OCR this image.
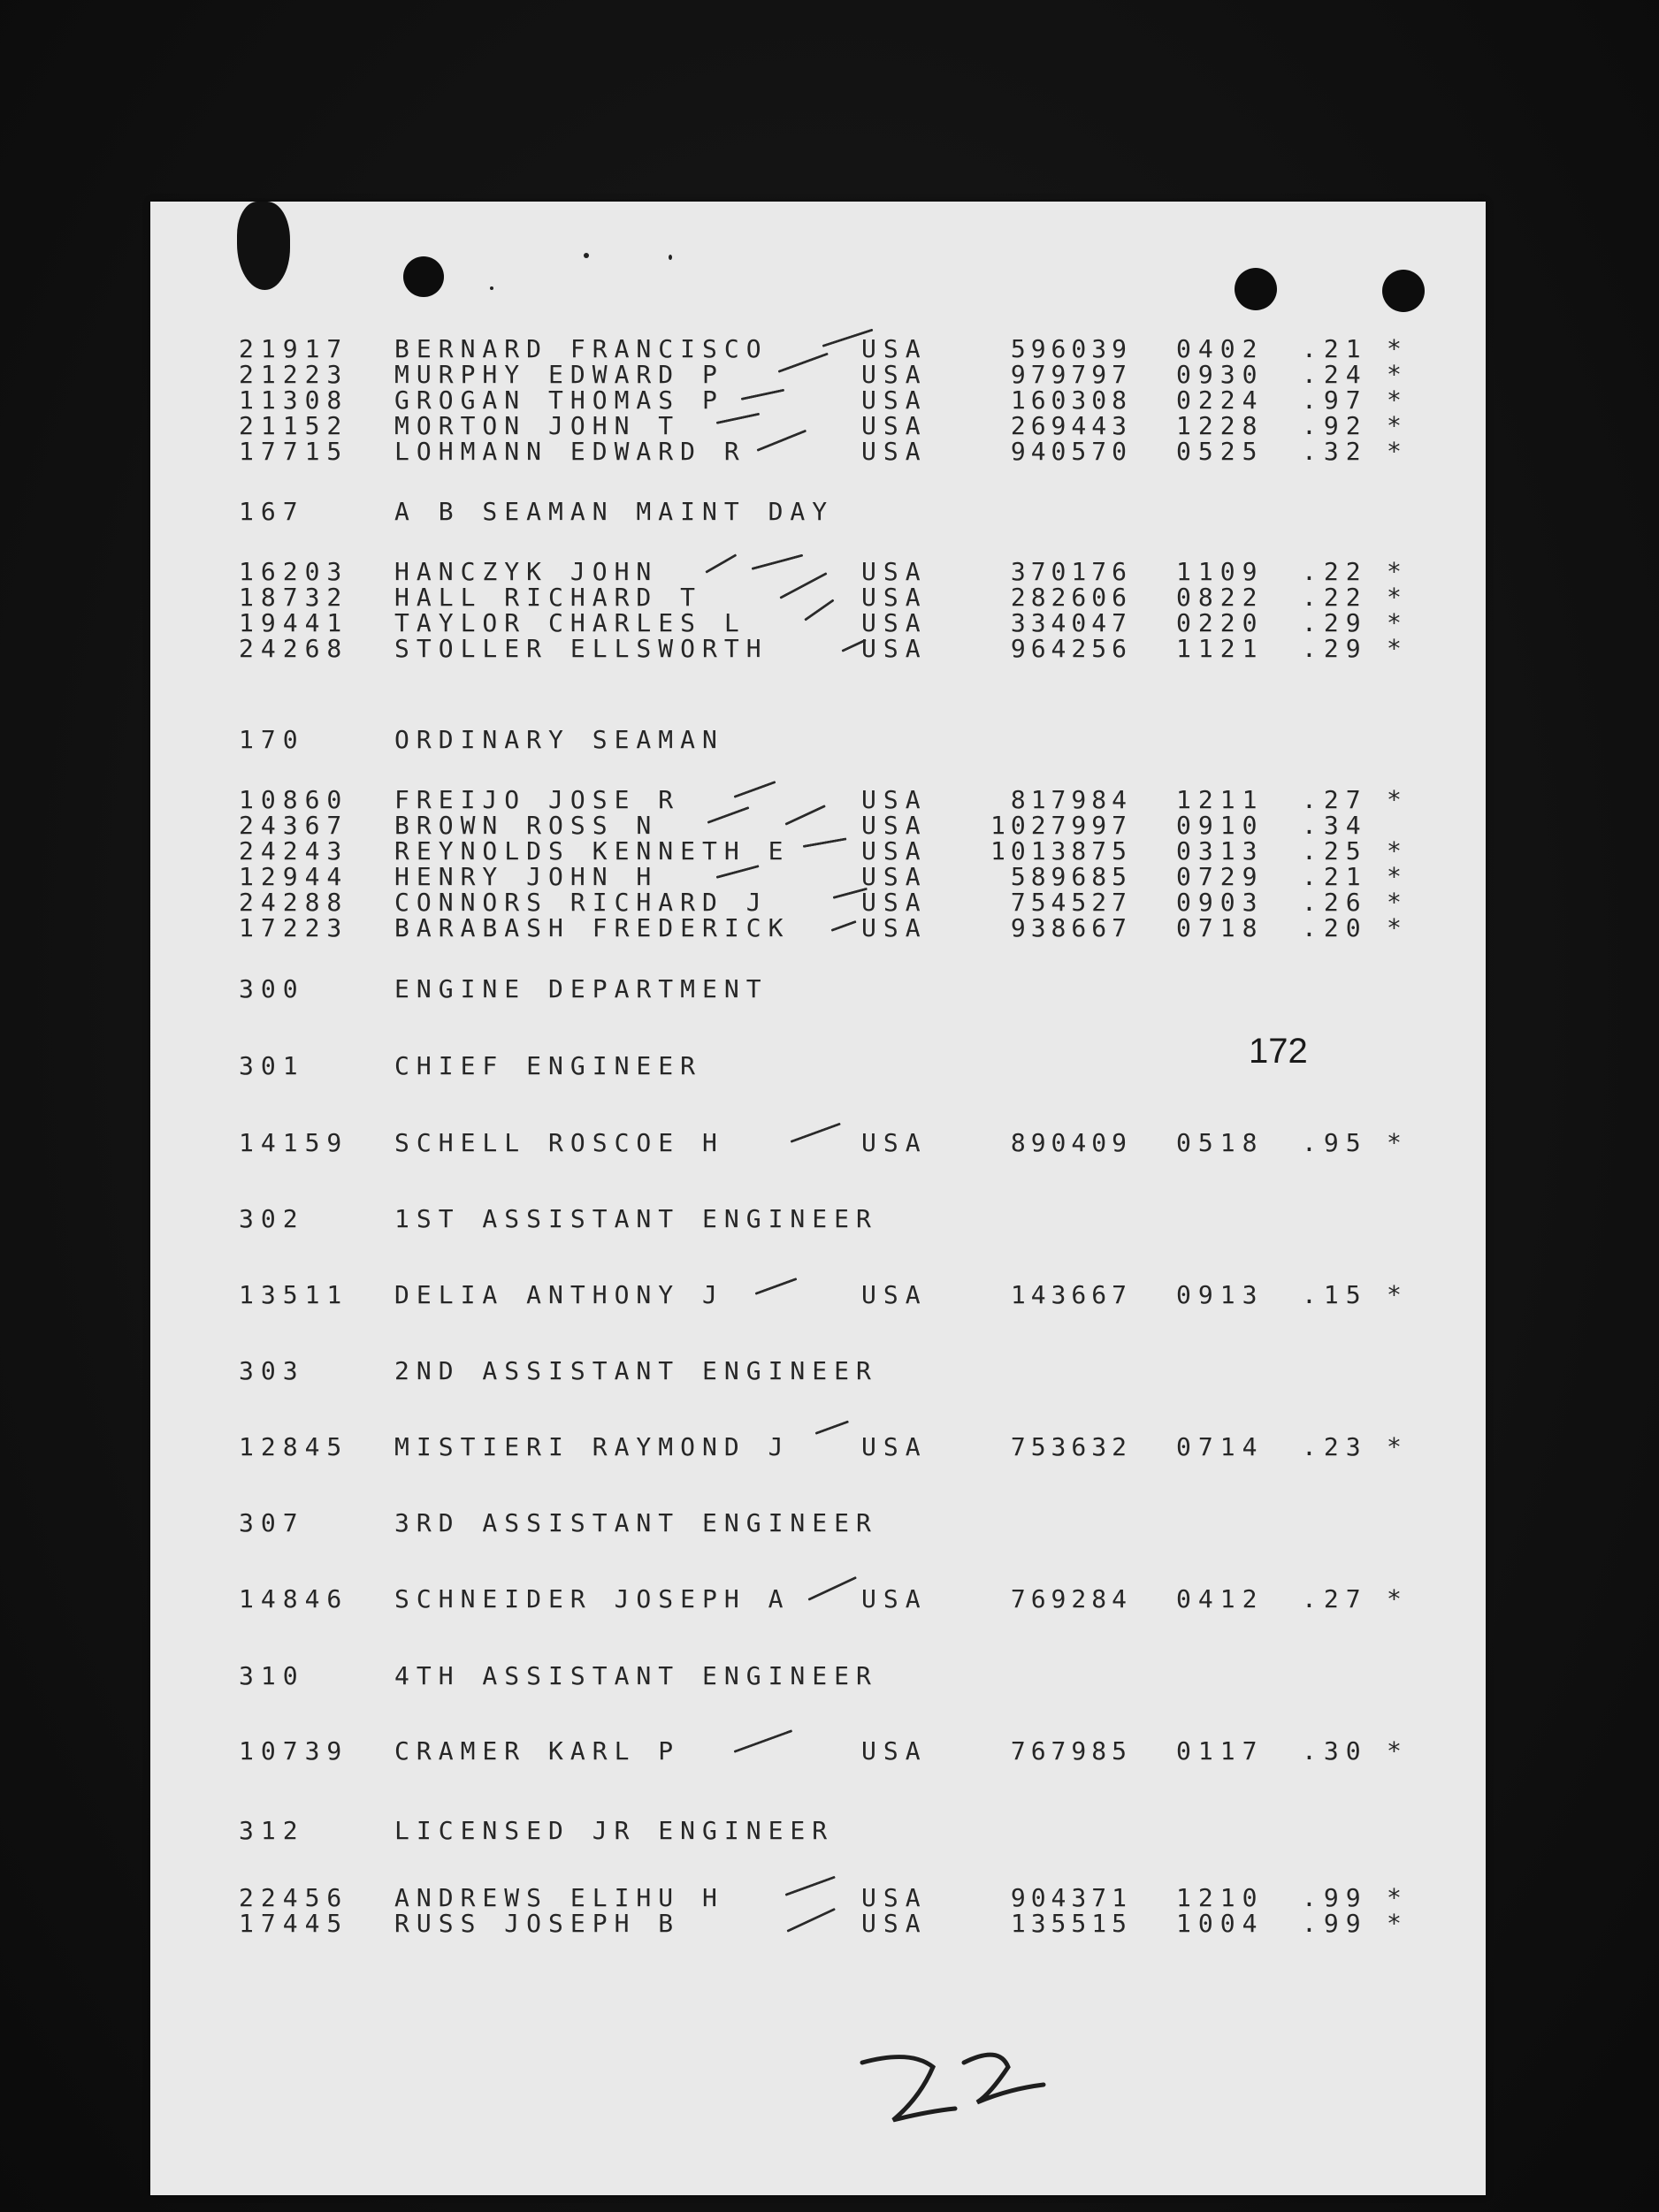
21917 BERNARD FRANCISCO	USA	596039 0402 .21 *
21223 MURPHY EDWARD P	USA	979797 0930 .24 *
11308 GROGAN THOMAS P	USA	160308 0224 .97 *
21152 MORTON JOHN T	USA	269443 1228 .92 *
17715 LOHMANN EDWARD R	USA	940570 0525 .32 *
167	A B SEAMAN MAINT DAY
16203 HANCZYK JOHN	USA	370176 1109 .22 *
18732 HALL RICHARD T	USA	282606 0822 .22 *
19441 TAYLOR CHARLES L	USA	334047 0220 .29 *
24268 STOLLER ELLSWORTH	USA	964256 1121 .29 *
170	ORDINARY SEAMAN
10860 FREIJO JOSE R	USA	817984 1211 .27 *
24367 BROWN ROSS N	USA	1027997 0910 .34
24243 REYNOLDS KENNETH E	USA	1013875 0313 .25 *
12944 HENRY JOHN H	USA	589685 0729 .21 *
24288 CONNORS RICHARD J	USA	754527 0903 .26 *
17223 BARABASH FREDERICK	USA	938667 0718 .20 *
300	ENGINE DEPARTMENT
301	CHIEF ENGINEER
14159 SCHELL ROSCOE H	USA	890409 0518 .95 *
302	1ST ASSISTANT ENGINEER
13511 DELIA ANTHONY J	USA	143667 0913 .15 *
303	2ND ASSISTANT ENGINEER
12845 MISTIERI RAYMOND J	USA	753632 0714 .23 *
307	3RD ASSISTANT ENGINEER
14846 SCHNEIDER JOSEPH A	USA	769284 0412 .27 *
310	4TH ASSISTANT ENGINEER
10739 CRAMER KARL P	USA	767985 0117 .30 *
312	LICENSED JR ENGINEER
22456 ANDREWS ELIHU H	USA	904371 1210 .99 *
17445 RUSS JOSEPH B	USA	135515 1004 .99 *
172
